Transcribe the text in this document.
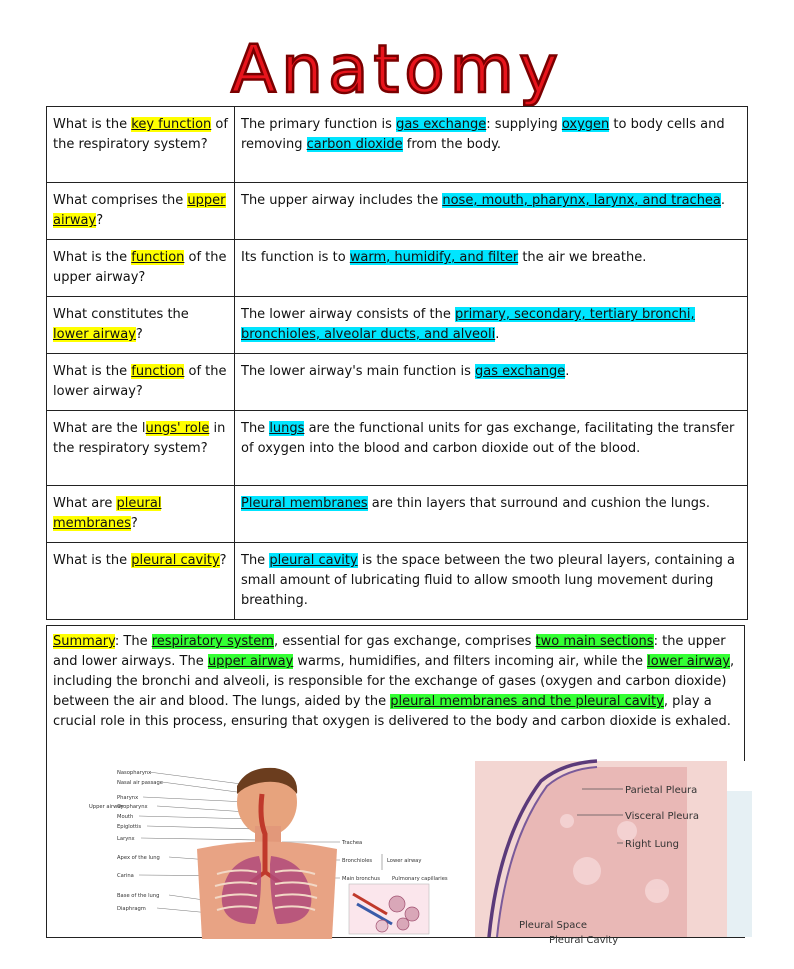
Anatomy
What is the key function of the respiratory system?	The primary function is gas exchange: supplying oxygen to body cells and removing carbon dioxide from the body.
What comprises the upper airway?	The upper airway includes the nose, mouth, pharynx, larynx, and trachea.
What is the function of the upper airway?	Its function is to warm, humidify, and filter the air we breathe.
What constitutes the lower airway?	The lower airway consists of the primary, secondary, tertiary bronchi, bronchioles, alveolar ducts, and alveoli.
What is the function of the lower airway?	The lower airway's main function is gas exchange.
What are the lungs' role in the respiratory system?	The lungs are the functional units for gas exchange, facilitating the transfer of oxygen into the blood and carbon dioxide out of the blood.
What are pleural membranes?	Pleural membranes are thin layers that surround and cushion the lungs.
What is the pleural cavity?	The pleural cavity is the space between the two pleural layers, containing a small amount of lubricating fluid to allow smooth lung movement during breathing.
Summary: The respiratory system, essential for gas exchange, comprises two main sections: the upper and lower airways. The upper airway warms, humidifies, and filters incoming air, while the lower airway, including the bronchi and alveoli, is responsible for the exchange of gases (oxygen and carbon dioxide) between the air and blood. The lungs, aided by the pleural membranes and the pleural cavity, play a crucial role in this process, ensuring that oxygen is delivered to the body and carbon dioxide is exhaled.
Nasopharynx
Nasal air passage
Pharynx
Upper airway
Oropharynx
Mouth
Epiglottis
Larynx
Apex of the lung
Carina
Base of the lung
Diaphragm
Trachea
Bronchioles	Lower airway
Main bronchus Pulmonary capillaries
Parietal Pleura
Visceral Pleura
Right Lung
Pleural Space
Pleural Cavity
